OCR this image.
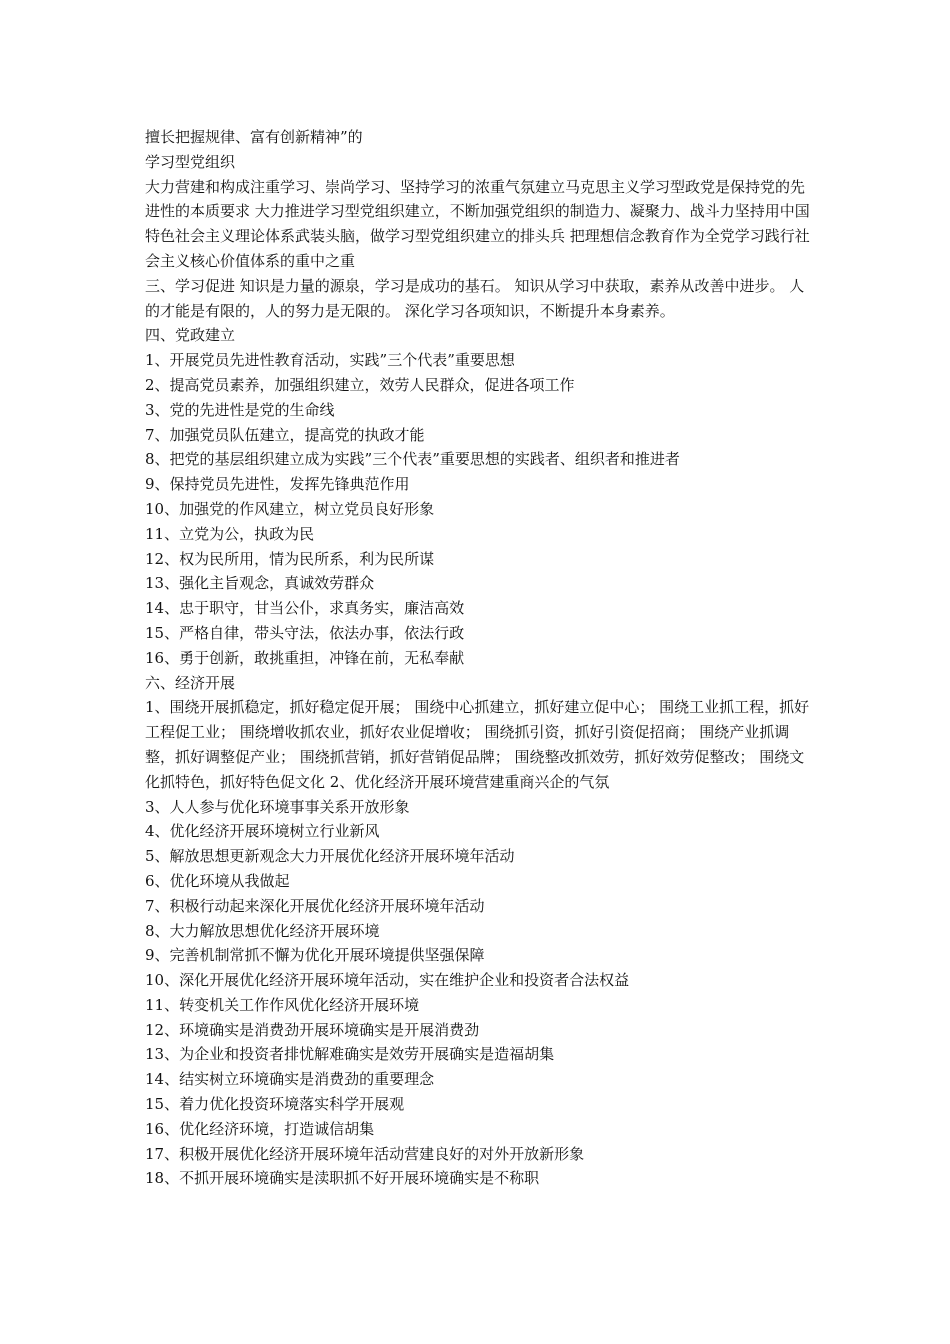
擅长把握规律、富有创新精神”的

学习型党组织

大力营建和构成注重学习、崇尚学习、坚持学习的浓重气氛建立马克思主义学习型政党是保持党的先进性的本质要求 大力推进学习型党组织建立，不断加强党组织的制造力、凝聚力、战斗力坚持用中国特色社会主义理论体系武装头脑，做学习型党组织建立的排头兵 把理想信念教育作为全党学习践行社会主义核心价值体系的重中之重

三、学习促进 知识是力量的源泉，学习是成功的基石。 知识从学习中获取，素养从改善中进步。 人的才能是有限的，人的努力是无限的。 深化学习各项知识，不断提升本身素养。

四、党政建立

1、开展党员先进性教育活动，实践”三个代表”重要思想

2、提高党员素养，加强组织建立，效劳人民群众，促进各项工作

3、党的先进性是党的生命线

7、加强党员队伍建立，提高党的执政才能

8、把党的基层组织建立成为实践”三个代表”重要思想的实践者、组织者和推进者

9、保持党员先进性，发挥先锋典范作用

10、加强党的作风建立，树立党员良好形象

11、立党为公，执政为民

12、权为民所用，情为民所系，利为民所谋

13、强化主旨观念，真诚效劳群众

14、忠于职守，甘当公仆，求真务实，廉洁高效

15、严格自律，带头守法，依法办事，依法行政

16、勇于创新，敢挑重担，冲锋在前，无私奉献

六、经济开展

1、围绕开展抓稳定，抓好稳定促开展； 围绕中心抓建立，抓好建立促中心； 围绕工业抓工程，抓好工程促工业； 围绕增收抓农业，抓好农业促增收； 围绕抓引资，抓好引资促招商； 围绕产业抓调整，抓好调整促产业； 围绕抓营销，抓好营销促品牌； 围绕整改抓效劳，抓好效劳促整改； 围绕文化抓特色，抓好特色促文化 2、优化经济开展环境营建重商兴企的气氛

3、人人参与优化环境事事关系开放形象

4、优化经济开展环境树立行业新风

5、解放思想更新观念大力开展优化经济开展环境年活动

6、优化环境从我做起

7、积极行动起来深化开展优化经济开展环境年活动

8、大力解放思想优化经济开展环境

9、完善机制常抓不懈为优化开展环境提供坚强保障

10、深化开展优化经济开展环境年活动，实在维护企业和投资者合法权益

11、转变机关工作作风优化经济开展环境

12、环境确实是消费劲开展环境确实是开展消费劲

13、为企业和投资者排忧解难确实是效劳开展确实是造福胡集

14、结实树立环境确实是消费劲的重要理念

15、着力优化投资环境落实科学开展观

16、优化经济环境，打造诚信胡集

17、积极开展优化经济开展环境年活动营建良好的对外开放新形象

18、不抓开展环境确实是渎职抓不好开展环境确实是不称职
